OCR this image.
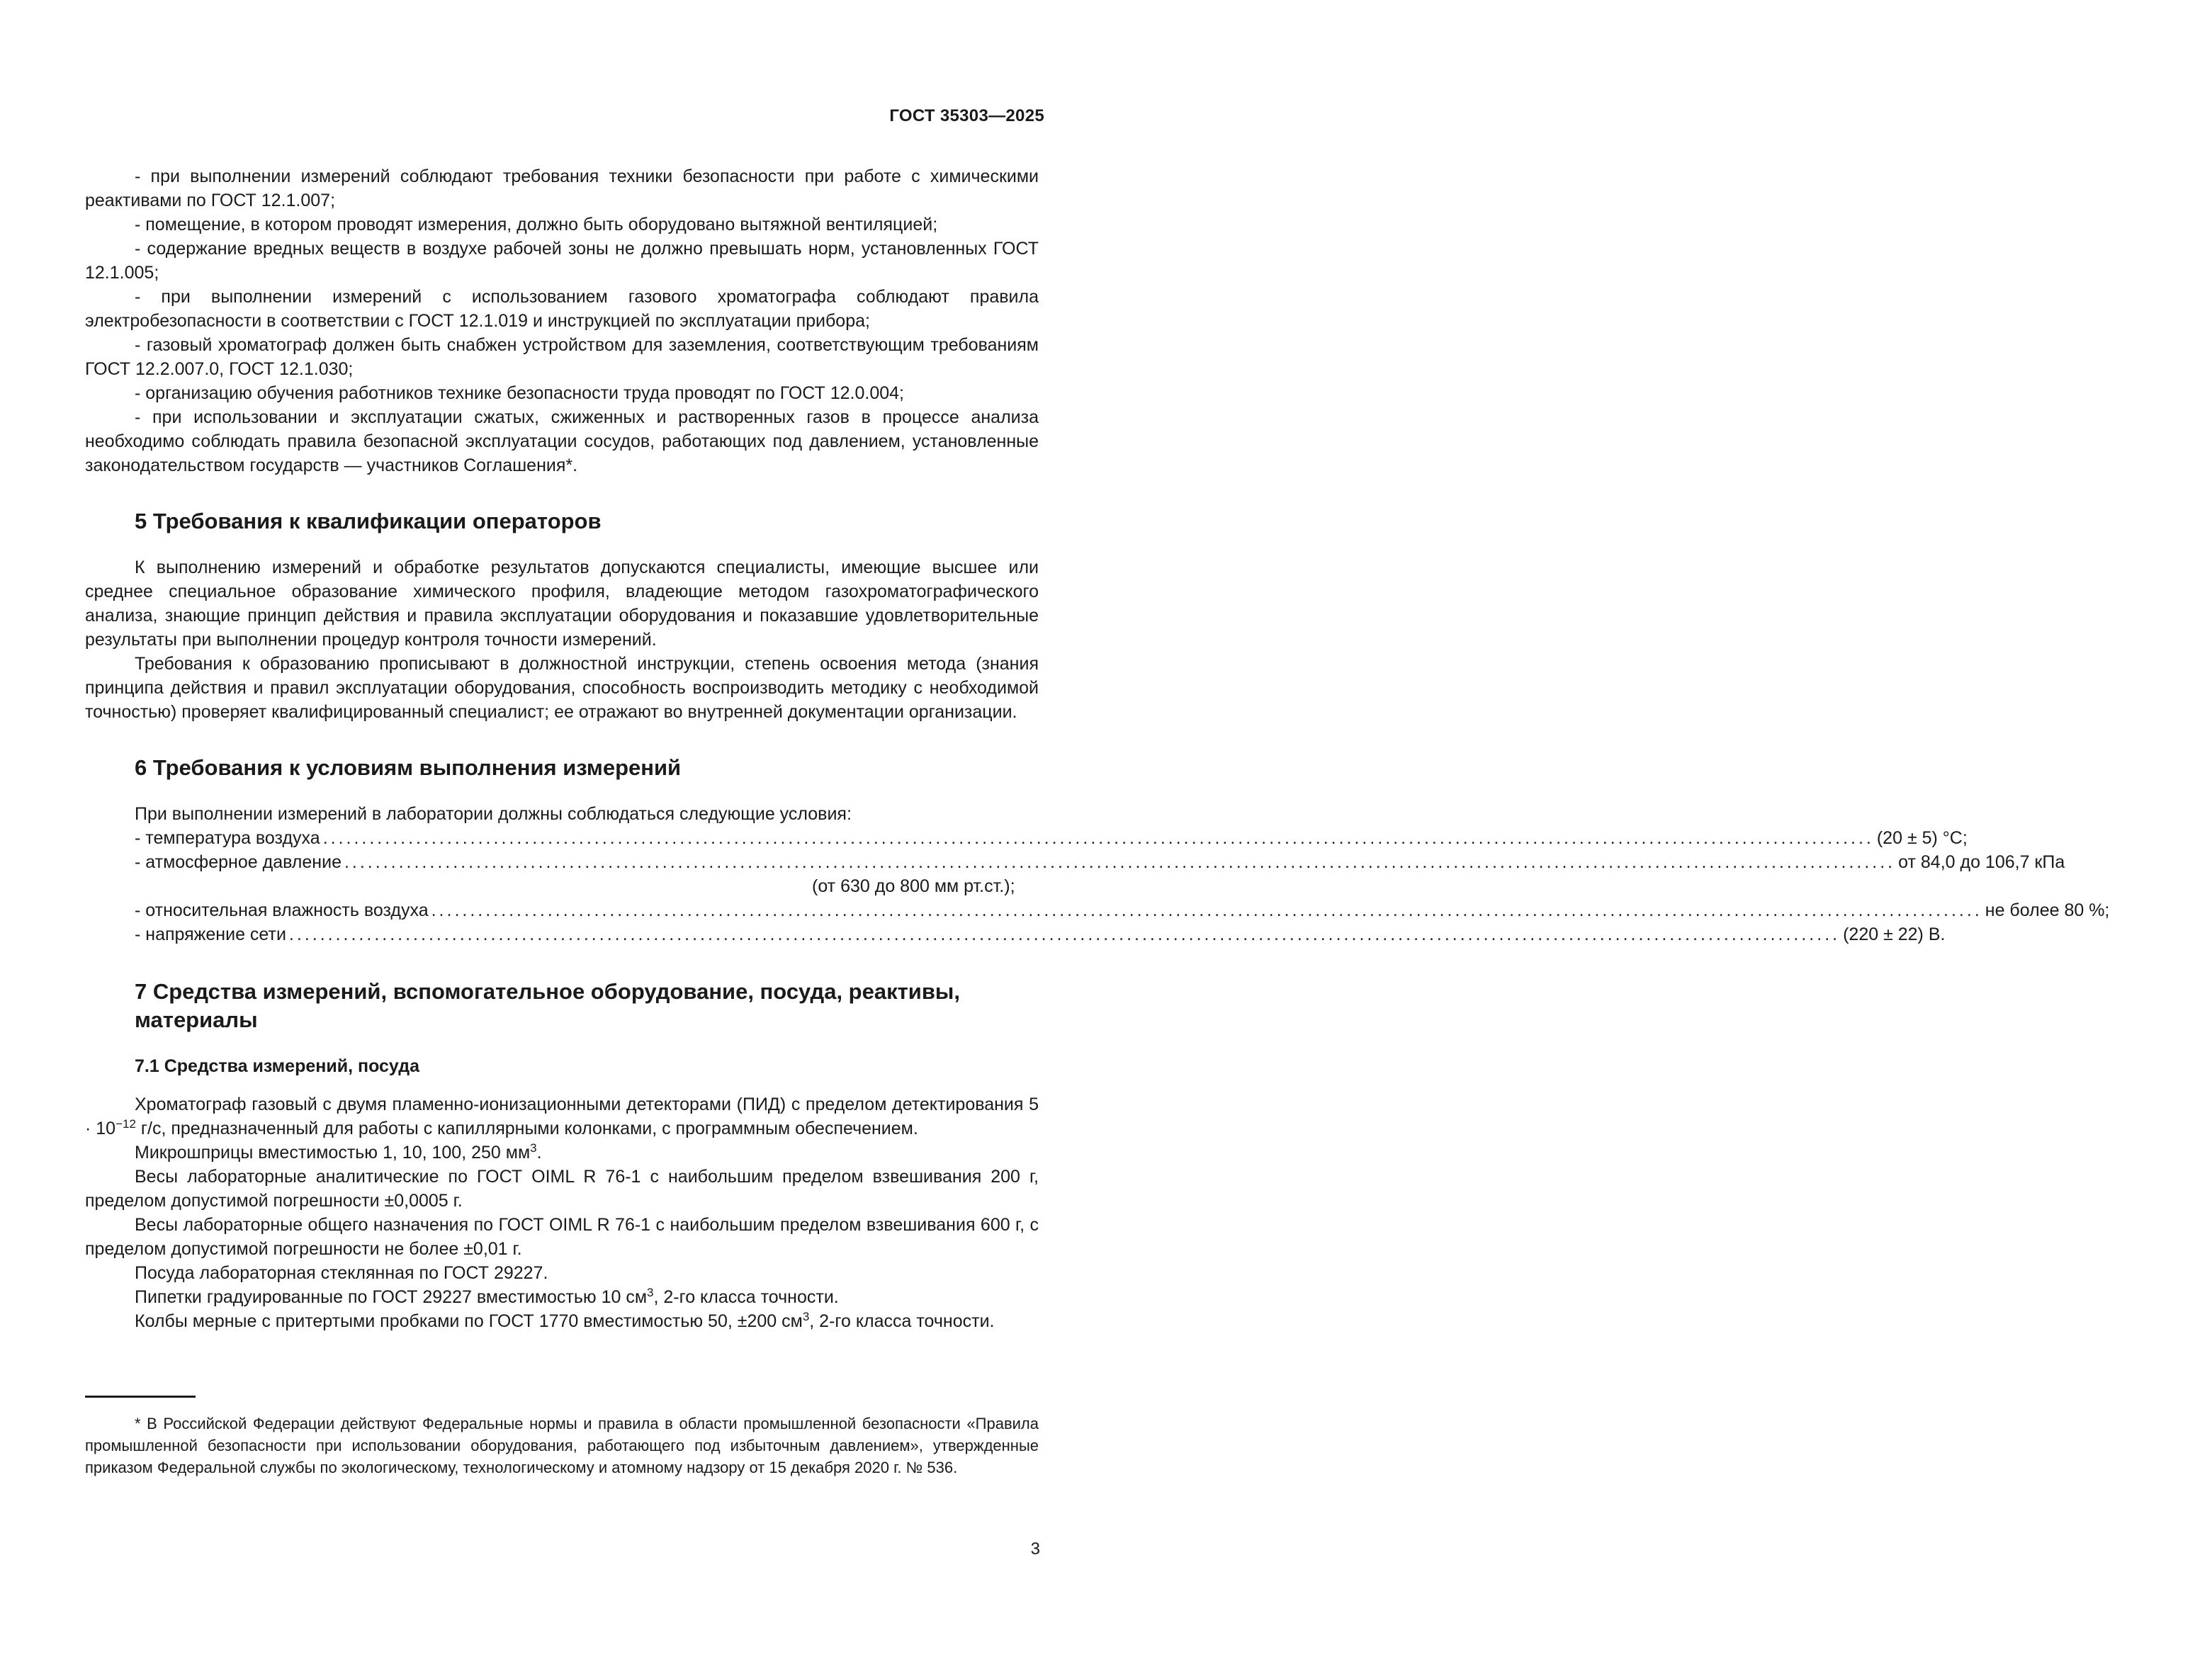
ГОСТ 35303—2025

- при выполнении измерений соблюдают требования техники безопасности при работе с химическими реактивами по ГОСТ 12.1.007;

- помещение, в котором проводят измерения, должно быть оборудовано вытяжной вентиляцией;

- содержание вредных веществ в воздухе рабочей зоны не должно превышать норм, установленных ГОСТ 12.1.005;

- при выполнении измерений с использованием газового хроматографа соблюдают правила электробезопасности в соответствии с ГОСТ 12.1.019 и инструкцией по эксплуатации прибора;

- газовый хроматограф должен быть снабжен устройством для заземления, соответствующим требованиям ГОСТ 12.2.007.0, ГОСТ 12.1.030;

- организацию обучения работников технике безопасности труда проводят по ГОСТ 12.0.004;

- при использовании и эксплуатации сжатых, сжиженных и растворенных газов в процессе анализа необходимо соблюдать правила безопасной эксплуатации сосудов, работающих под давлением, установленные законодательством государств — участников Соглашения*.

5 Требования к квалификации операторов

К выполнению измерений и обработке результатов допускаются специалисты, имеющие высшее или среднее специальное образование химического профиля, владеющие методом газохроматографического анализа, знающие принцип действия и правила эксплуатации оборудования и показавшие удовлетворительные результаты при выполнении процедур контроля точности измерений.

Требования к образованию прописывают в должностной инструкции, степень освоения метода (знания принципа действия и правил эксплуатации оборудования, способность воспроизводить методику с необходимой точностью) проверяет квалифицированный специалист; ее отражают во внутренней документации организации.

6 Требования к условиям выполнения измерений
При выполнении измерений в лаборатории должны соблюдаться следующие условия:
- температура воздуха ........................................................................................................................................................................................................ (20 ± 5) °С;
- атмосферное давление ........................................................................................................................................................................................................ от 84,0 до 106,7 кПа
(от 630 до 800 мм рт.ст.);
- относительная влажность воздуха ........................................................................................................................................................................................................ не более 80 %;
- напряжение сети ........................................................................................................................................................................................................ (220 ± 22) В.
7 Средства измерений, вспомогательное оборудование, посуда, реактивы, материалы
7.1 Средства измерений, посуда

Хроматограф газовый с двумя пламенно-ионизационными детекторами (ПИД) с пределом детектирования $5 \cdot 10^{-12}$ г/с, предназначенный для работы с капиллярными колонками, с программным обеспечением.

Микрошприцы вместимостью 1, 10, 100, 250 $мм^3$.

Весы лабораторные аналитические по ГОСТ OIML R 76-1 с наибольшим пределом взвешивания 200 г, пределом допустимой погрешности ±0,0005 г.

Весы лабораторные общего назначения по ГОСТ OIML R 76-1 с наибольшим пределом взвешивания 600 г, с пределом допустимой погрешности не более ±0,01 г.

Посуда лабораторная стеклянная по ГОСТ 29227.

Пипетки градуированные по ГОСТ 29227 вместимостью 10 $см^3$, 2-го класса точности.

Колбы мерные с притертыми пробками по ГОСТ 1770 вместимостью 50, ±200 $см^3$, 2-го класса точности.

* В Российской Федерации действуют Федеральные нормы и правила в области промышленной безопасности «Правила промышленной безопасности при использовании оборудования, работающего под избыточным давлением», утвержденные приказом Федеральной службы по экологическому, технологическому и атомному надзору от 15 декабря 2020 г. № 536.
3
